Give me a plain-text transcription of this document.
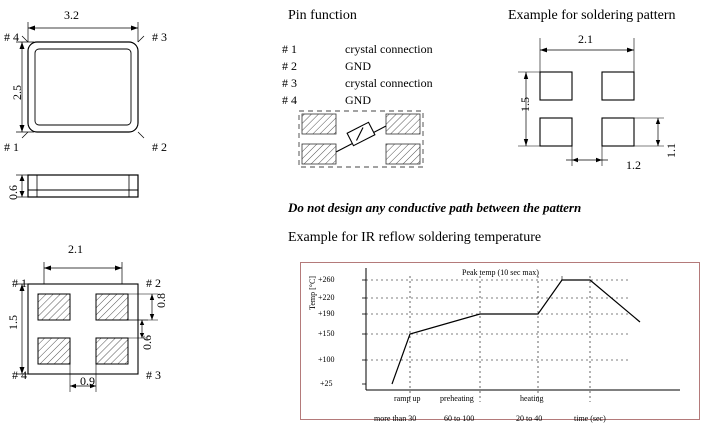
3.2
2.5
# 4	# 3
# 1	# 2
0.6
2.1
1.5
0.8
0.6
0.9
# 1	# 2
# 4	# 3
Pin function
# 1	crystal connection
# 2	GND
# 3	crystal connection
# 4	GND
Example for soldering pattern
2.1
1.5
1.1
1.2
Do not design any conductive path between the pattern
Example for IR reflow soldering temperature
Temp [°C] +260
+220
+190
+150
+100
+25
Peak temp (10 sec max)
ramp up preheating	heating
more than 30	60 to 100	20 to 40	time (sec)
